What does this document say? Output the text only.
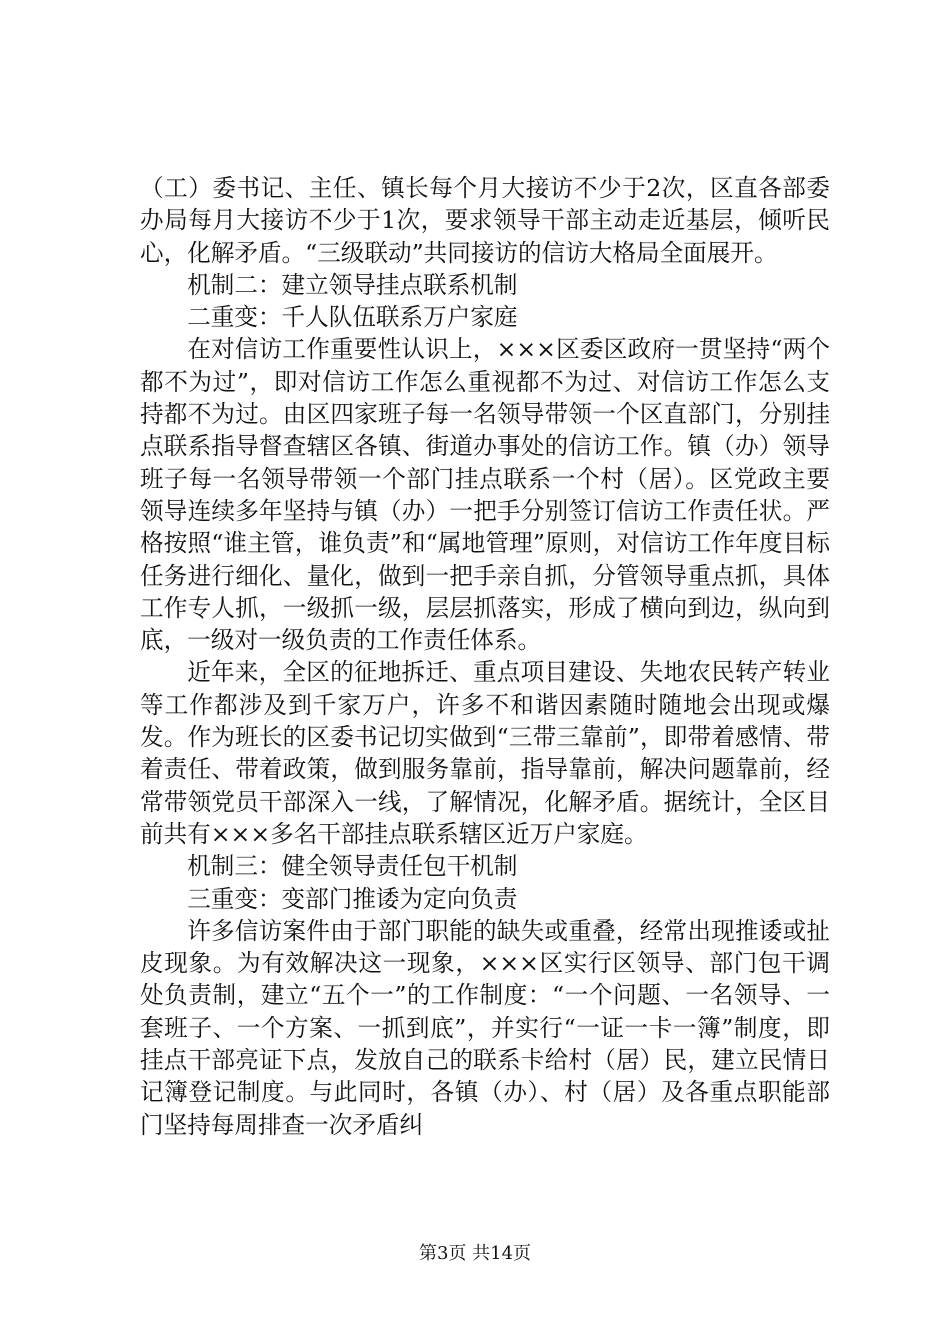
（工）委书记、主任、镇长每个月大接访不少于2次，区直各部委办局每月大接访不少于1次，要求领导干部主动走近基层，倾听民心，化解矛盾。“三级联动”共同接访的信访大格局全面展开。

机制二：建立领导挂点联系机制

二重变：千人队伍联系万户家庭

在对信访工作重要性认识上，×××区委区政府一贯坚持“两个都不为过”，即对信访工作怎么重视都不为过、对信访工作怎么支持都不为过。由区四家班子每一名领导带领一个区直部门，分别挂点联系指导督查辖区各镇、街道办事处的信访工作。镇（办）领导班子每一名领导带领一个部门挂点联系一个村（居）。区党政主要领导连续多年坚持与镇（办）一把手分别签订信访工作责任状。严格按照“谁主管，谁负责”和“属地管理”原则，对信访工作年度目标任务进行细化、量化，做到一把手亲自抓，分管领导重点抓，具体工作专人抓，一级抓一级，层层抓落实，形成了横向到边，纵向到底，一级对一级负责的工作责任体系。

近年来，全区的征地拆迁、重点项目建设、失地农民转产转业等工作都涉及到千家万户，许多不和谐因素随时随地会出现或爆发。作为班长的区委书记切实做到“三带三靠前”，即带着感情、带着责任、带着政策，做到服务靠前，指导靠前，解决问题靠前，经常带领党员干部深入一线，了解情况，化解矛盾。据统计，全区目前共有×××多名干部挂点联系辖区近万户家庭。

机制三：健全领导责任包干机制

三重变：变部门推诿为定向负责

许多信访案件由于部门职能的缺失或重叠，经常出现推诿或扯皮现象。为有效解决这一现象，×××区实行区领导、部门包干调处负责制，建立“五个一”的工作制度：“一个问题、一名领导、一套班子、一个方案、一抓到底”，并实行“一证一卡一簿”制度，即挂点干部亮证下点，发放自己的联系卡给村（居）民，建立民情日记簿登记制度。与此同时，各镇（办）、村（居）及各重点职能部门坚持每周排查一次矛盾纠

第3页 共14页
